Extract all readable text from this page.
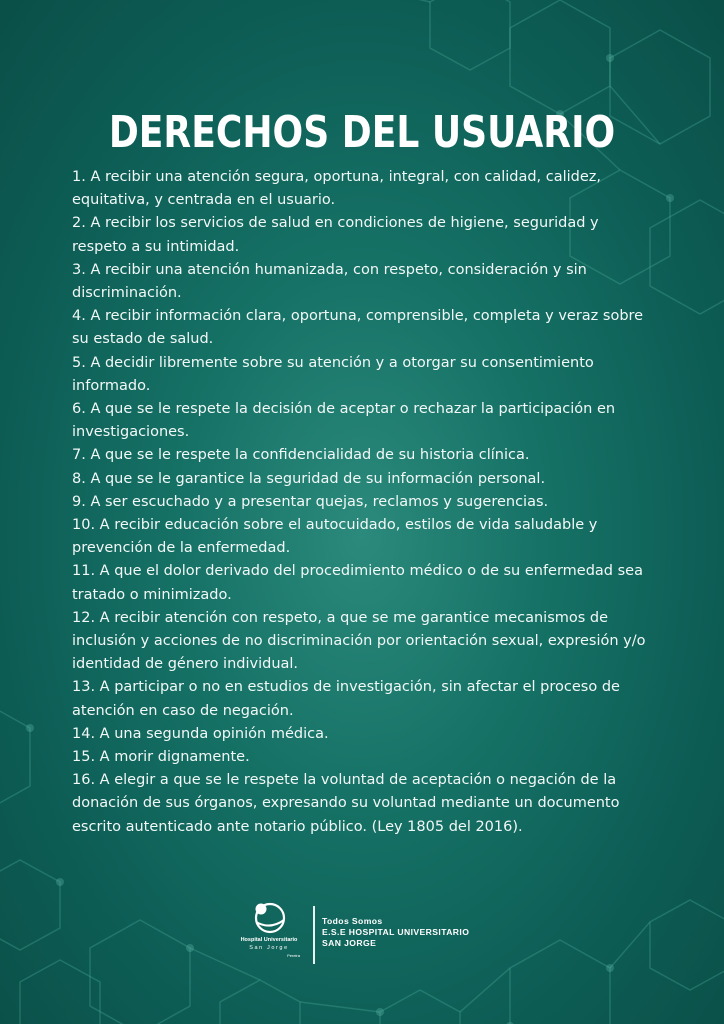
DERECHOS DEL USUARIO
1. A recibir una atención segura, oportuna, integral, con calidad, calidez, equitativa, y centrada en el usuario.
2. A recibir los servicios de salud en condiciones de higiene, seguridad y respeto a su intimidad.
3. A recibir una atención humanizada, con respeto, consideración y sin discriminación.
4. A recibir información clara, oportuna, comprensible, completa y veraz sobre su estado de salud.
5. A decidir libremente sobre su atención y a otorgar su consentimiento informado.
6. A que se le respete la decisión de aceptar o rechazar la participación en investigaciones.
7. A que se le respete la confidencialidad de su historia clínica.
8. A que se le garantice la seguridad de su información personal.
9. A ser escuchado y a presentar quejas, reclamos y sugerencias.
10. A recibir educación sobre el autocuidado, estilos de vida saludable y prevención de la enfermedad.
11. A que el dolor derivado del procedimiento médico o de su enfermedad sea tratado o minimizado.
12. A recibir atención con respeto, a que se me garantice mecanismos de inclusión y acciones de no discriminación por orientación sexual, expresión y/o identidad de género individual.
13. A participar o no en estudios de investigación, sin afectar el proceso de atención en caso de negación.
14. A una segunda opinión médica.
15. A morir dignamente.
16. A elegir a que se le respete la voluntad de aceptación o negación de la donación de sus órganos, expresando su voluntad mediante un documento escrito autenticado ante notario público. (Ley 1805 del 2016).
Hospital Universitario
San Jorge
Pereira
Todos Somos
E.S.E HOSPITAL UNIVERSITARIO
SAN JORGE
